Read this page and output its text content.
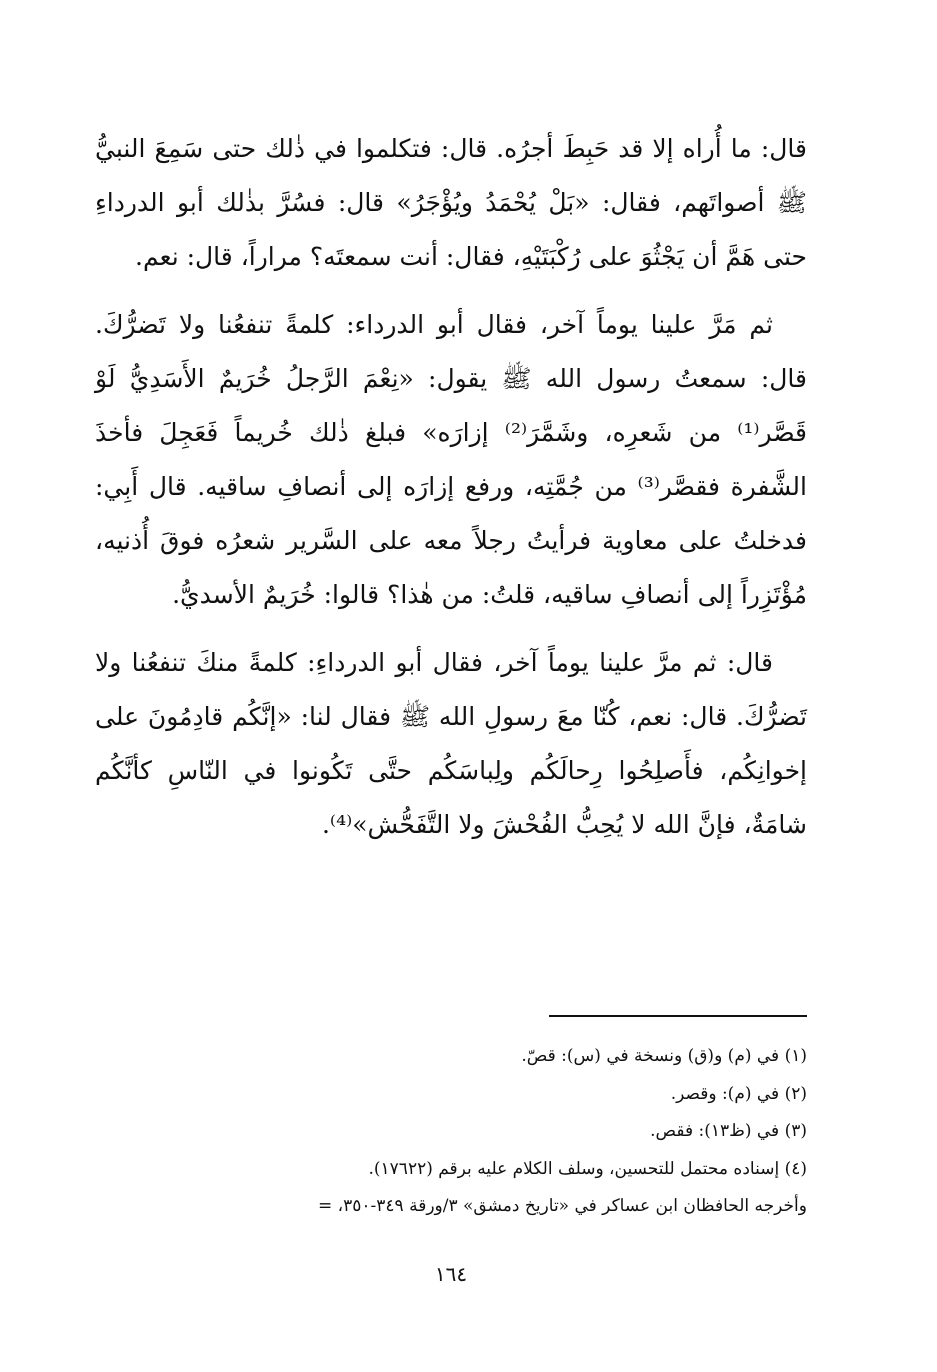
قال: ما أُراه إلا قد حَبِطَ أجرُه. قال: فتكلموا في ذٰلك حتى سَمِعَ النبيُّ ﷺ أصواتَهم، فقال: «بَلْ يُحْمَدُ ويُؤْجَرُ» قال: فسُرَّ بذٰلك أبو الدرداءِ حتى هَمَّ أن يَجْثُوَ على رُكْبَتَيْهِ، فقال: أنت سمعتَه؟ مراراً، قال: نعم.

ثم مَرَّ علينا يوماً آخر، فقال أبو الدرداء: كلمةً تنفعُنا ولا تَضرُّكَ. قال: سمعتُ رسول الله ﷺ يقول: «نِعْمَ الرَّجلُ خُرَيمٌ الأَسَدِيُّ لَوْ قَصَّر⁽¹⁾ من شَعرِه، وشَمَّرَ⁽²⁾ إزارَه» فبلغ ذٰلك خُريماً فَعَجِلَ فأخذَ الشَّفرة فقصَّر⁽³⁾ من جُمَّتِه، ورفع إزارَه إلى أنصافِ ساقيه. قال أَبِي: فدخلتُ على معاوية فرأيتُ رجلاً معه على السَّرير شعرُه فوقَ أُذنيه، مُؤْتَزِراً إلى أنصافِ ساقيه، قلتُ: من هٰذا؟ قالوا: خُرَيمٌ الأسديُّ.

قال: ثم مرَّ علينا يوماً آخر، فقال أبو الدرداءِ: كلمةً منكَ تنفعُنا ولا تَضرُّكَ. قال: نعم، كُنّا معَ رسولِ الله ﷺ فقال لنا: «إنَّكُم قادِمُونَ على إخوانِكُم، فأَصلِحُوا رِحالَكُم ولِباسَكُم حتَّى تَكُونوا في النّاسِ كأنَّكُم شامَةٌ، فإنَّ الله لا يُحِبُّ الفُحْشَ ولا التَّفَحُّش»⁽⁴⁾.

(١) في (م) و(ق) ونسخة في (س): قصّ.

(٢) في (م): وقصر.

(٣) في (ظ١٣): فقص.

(٤) إسناده محتمل للتحسين، وسلف الكلام عليه برقم (١٧٦٢٢).

وأخرجه الحافظان ابن عساكر في «تاريخ دمشق» ٣/ورقة ٣٤٩-٣٥٠، =

١٦٤
